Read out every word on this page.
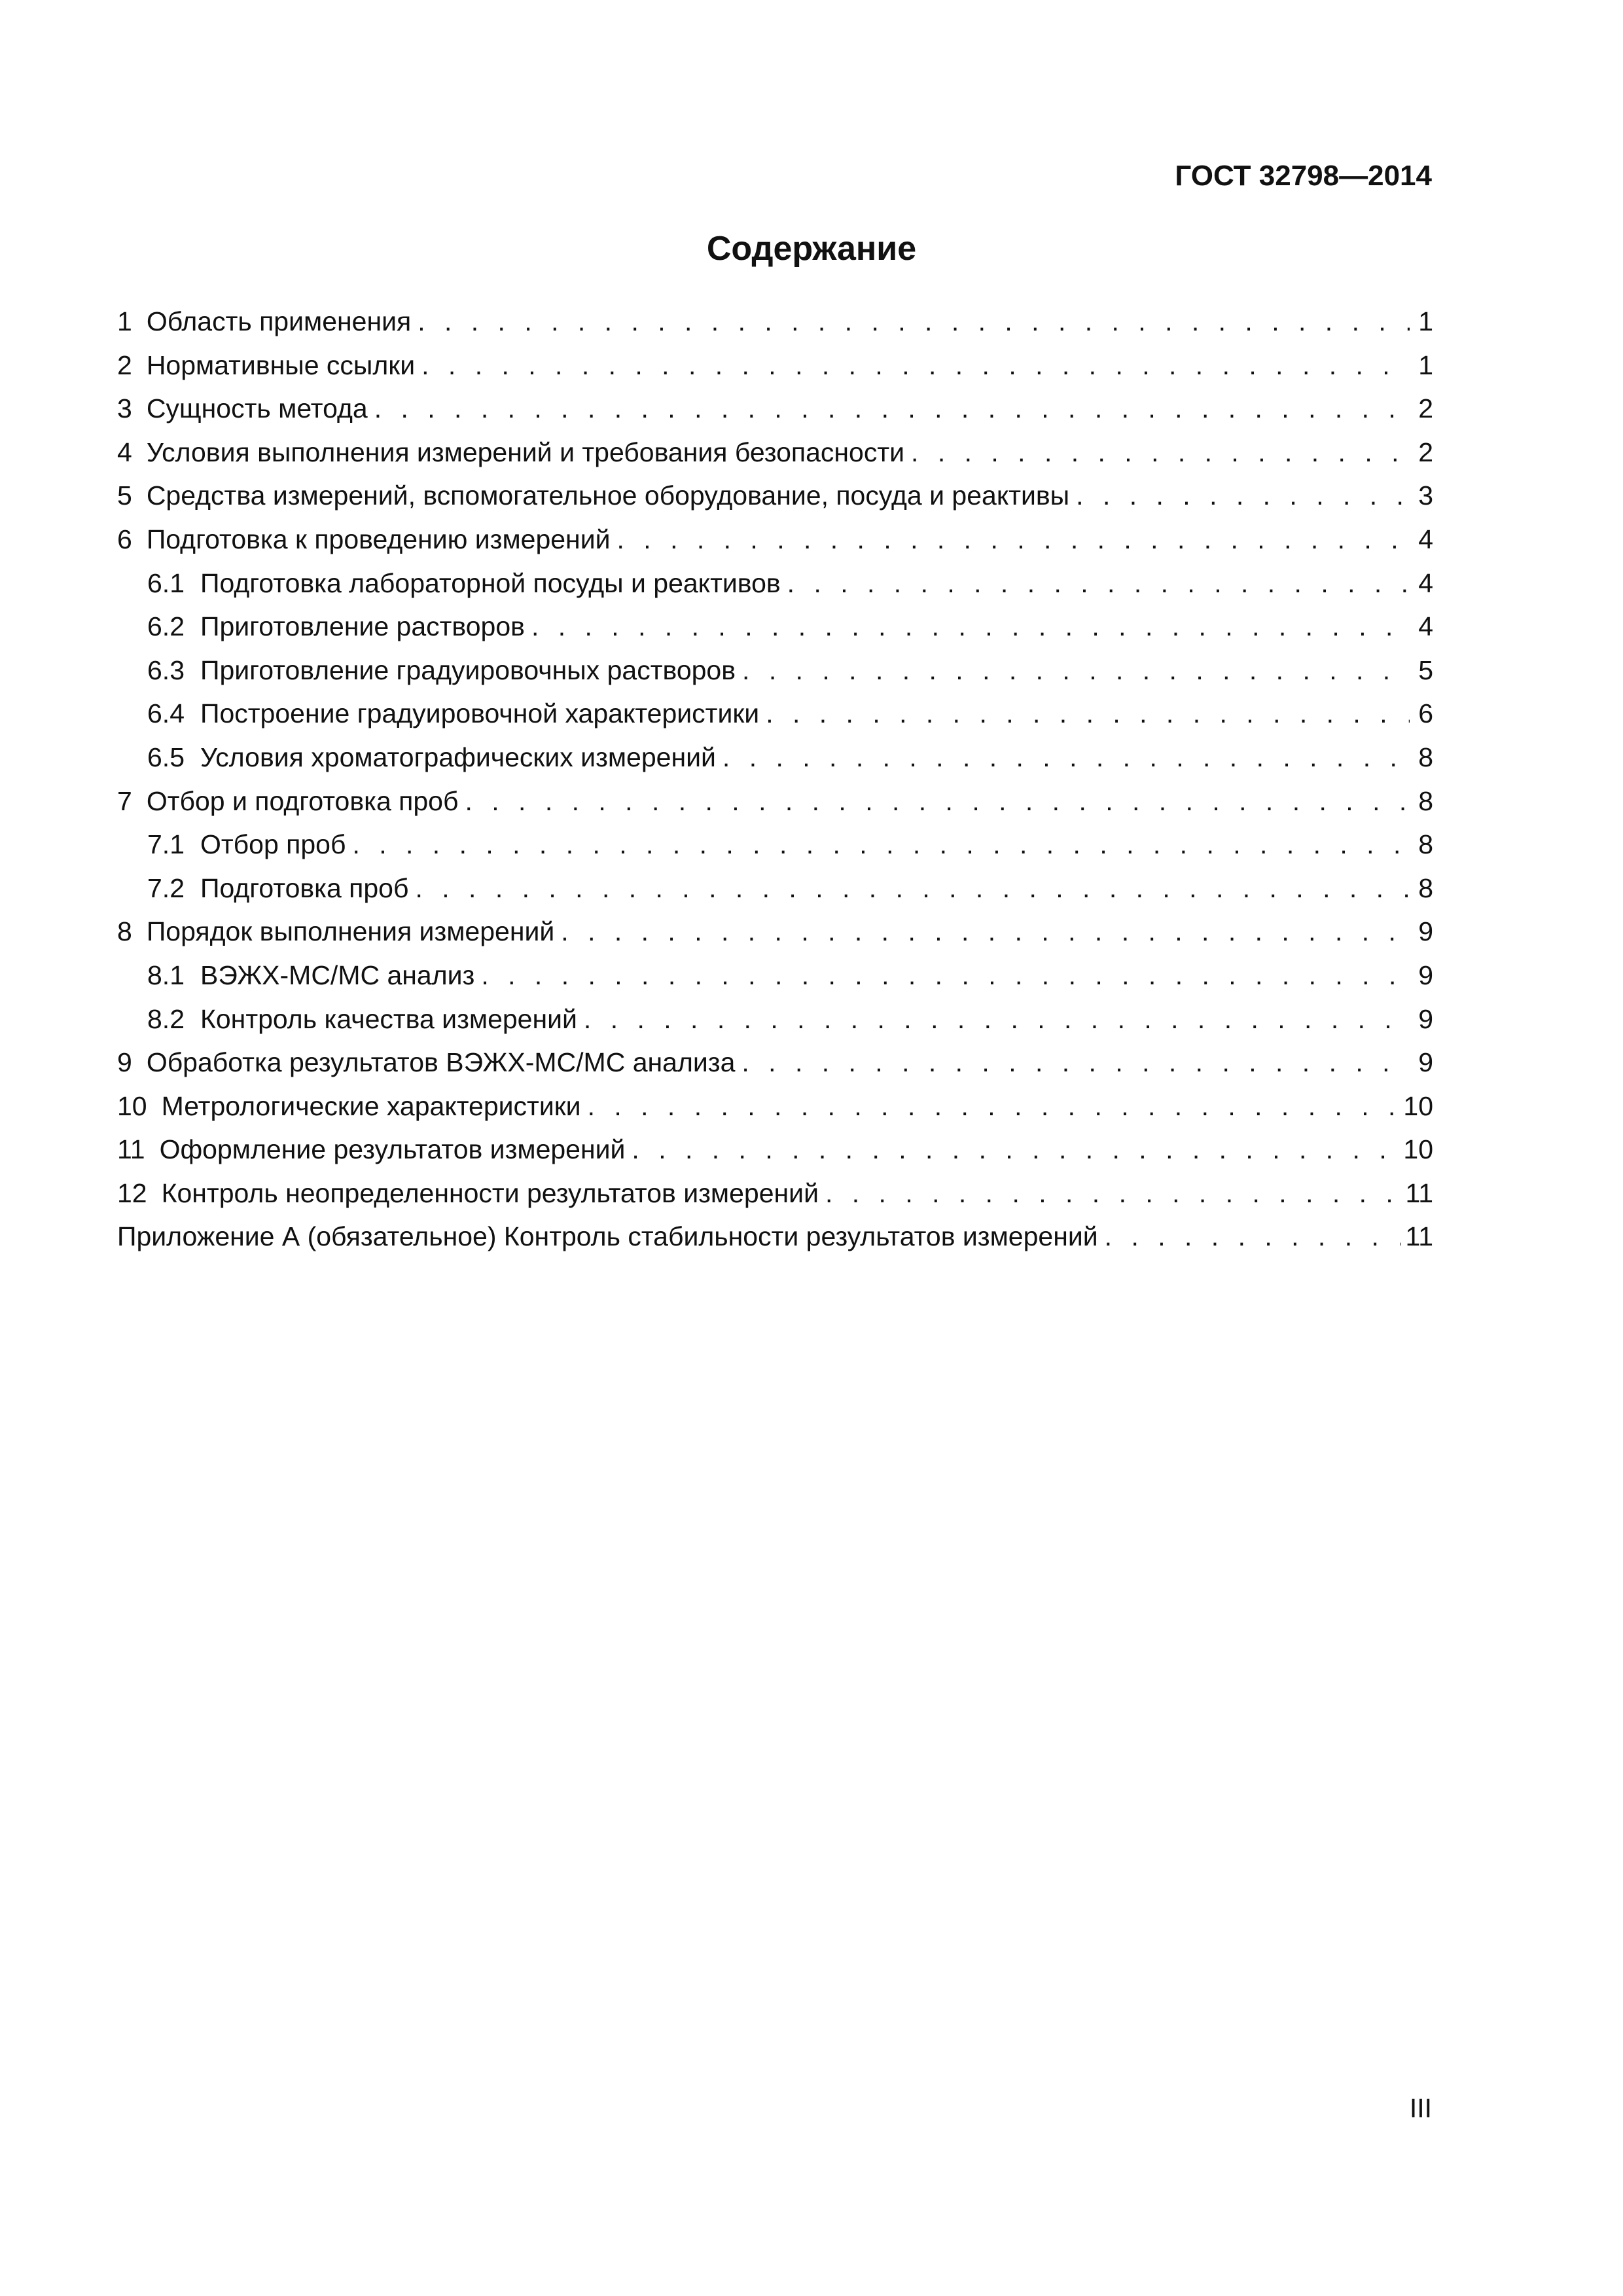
ГОСТ 32798—2014
Содержание
1 Область применения . . .	1
2 Нормативные ссылки . . .	1
3 Сущность метода . . .	2
4 Условия выполнения измерений и требования безопасности . . .	2
5 Средства измерений, вспомогательное оборудование, посуда и реактивы . . .	3
6 Подготовка к проведению измерений . . .	4
6.1 Подготовка лабораторной посуды и реактивов . . .	4
6.2 Приготовление растворов . . .	4
6.3 Приготовление градуировочных растворов . . .	5
6.4 Построение градуировочной характеристики . . .	6
6.5 Условия хроматографических измерений . . .	8
7 Отбор и подготовка проб . . .	8
7.1 Отбор проб . . .	8
7.2 Подготовка проб . . .	8
8 Порядок выполнения измерений . . .	9
8.1 ВЭЖХ-МС/МС анализ . . .	9
8.2 Контроль качества измерений . . .	9
9 Обработка результатов ВЭЖХ-МС/МС анализа . . .	9
10 Метрологические характеристики . . .	10
11 Оформление результатов измерений . . .	10
12 Контроль неопределенности результатов измерений . . .	11
Приложение А (обязательное) Контроль стабильности результатов измерений . . .	11
III
